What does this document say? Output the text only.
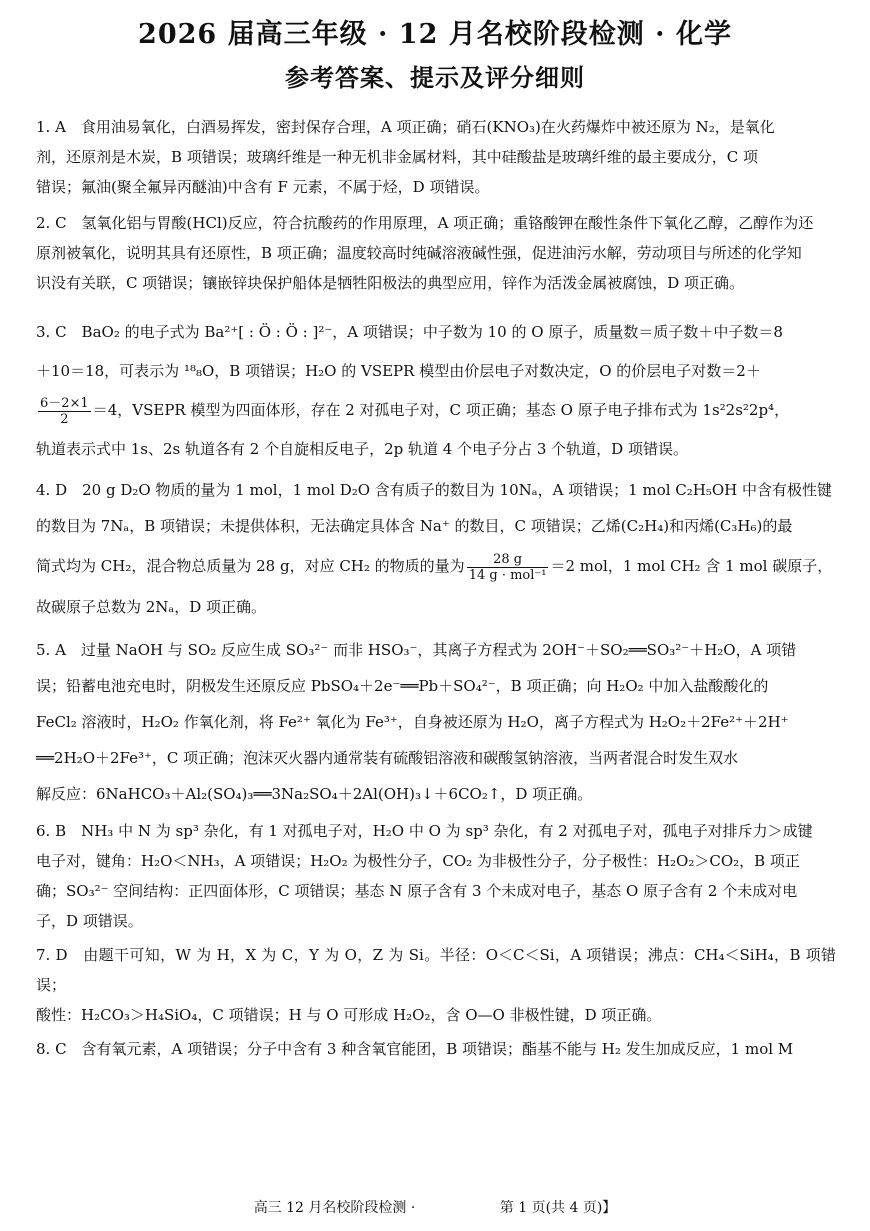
2026 届高三年级 · 12 月名校阶段检测 · 化学
参考答案、提示及评分细则

1. A　食用油易氧化，白酒易挥发，密封保存合理，A 项正确；硝石(KNO₃)在火药爆炸中被还原为 N₂，是氧化

剂，还原剂是木炭，B 项错误；玻璃纤维是一种无机非金属材料，其中硅酸盐是玻璃纤维的最主要成分，C 项

错误；氟油(聚全氟异丙醚油)中含有 F 元素，不属于烃，D 项错误。

2. C　氢氧化铝与胃酸(HCl)反应，符合抗酸药的作用原理，A 项正确；重铬酸钾在酸性条件下氧化乙醇，乙醇作为还

原剂被氧化，说明其具有还原性，B 项正确；温度较高时纯碱溶液碱性强，促进油污水解，劳动项目与所述的化学知

识没有关联，C 项错误；镶嵌锌块保护船体是牺牲阳极法的典型应用，锌作为活泼金属被腐蚀，D 项正确。

3. C　BaO₂ 的电子式为 Ba²⁺[ : Ö : Ö : ]²⁻，A 项错误；中子数为 10 的 O 原子，质量数＝质子数＋中子数＝8

＋10＝18，可表示为 ¹⁸₈O，B 项错误；H₂O 的 VSEPR 模型由价层电子对数决定，O 的价层电子对数＝2＋

$\frac{6-2\times 1}{2} =4$，VSEPR 模型为四面体形，存在 2 对孤电子对，C 项正确；基态 O 原子电子排布式为 1s²2s²2p⁴，

轨道表示式中 1s、2s 轨道各有 2 个自旋相反电子，2p 轨道 4 个电子分占 3 个轨道，D 项错误。

4. D　20 g D₂O 物质的量为 1 mol，1 mol D₂O 含有质子的数目为 10Nₐ，A 项错误；1 mol C₂H₅OH 中含有极性键

的数目为 7Nₐ，B 项错误；未提供体积，无法确定具体含 Na⁺ 的数目，C 项错误；乙烯(C₂H₄)和丙烯(C₃H₆)的最

简式均为 CH₂，混合物总质量为 28 g，对应 CH₂ 的物质的量为 $\frac{28 g}{\text{14 g · mol⁻¹}} =2$ mol，1 mol CH₂ 含 1 mol 碳原子，

故碳原子总数为 2Nₐ，D 项正确。

5. A　过量 NaOH 与 SO₂ 反应生成 SO₃²⁻ 而非 HSO₃⁻，其离子方程式为 2OH⁻＋SO₂══SO₃²⁻＋H₂O，A 项错

误；铅蓄电池充电时，阴极发生还原反应 PbSO₄＋2e⁻══Pb＋SO₄²⁻，B 项正确；向 H₂O₂ 中加入盐酸酸化的

FeCl₂ 溶液时，H₂O₂ 作氧化剂，将 Fe²⁺ 氧化为 Fe³⁺，自身被还原为 H₂O，离子方程式为 H₂O₂＋2Fe²⁺＋2H⁺

══2H₂O＋2Fe³⁺，C 项正确；泡沫灭火器内通常装有硫酸铝溶液和碳酸氢钠溶液，当两者混合时发生双水

解反应：6NaHCO₃＋Al₂(SO₄)₃══3Na₂SO₄＋2Al(OH)₃↓＋6CO₂↑，D 项正确。

6. B　NH₃ 中 N 为 sp³ 杂化，有 1 对孤电子对，H₂O 中 O 为 sp³ 杂化，有 2 对孤电子对，孤电子对排斥力＞成键

电子对，键角：H₂O＜NH₃，A 项错误；H₂O₂ 为极性分子，CO₂ 为非极性分子，分子极性：H₂O₂＞CO₂，B 项正

确；SO₃²⁻ 空间结构：正四面体形，C 项错误；基态 N 原子含有 3 个未成对电子，基态 O 原子含有 2 个未成对电

子，D 项错误。

7. D　由题干可知，W 为 H，X 为 C，Y 为 O，Z 为 Si。半径：O＜C＜Si，A 项错误；沸点：CH₄＜SiH₄，B 项错误；

酸性：H₂CO₃＞H₄SiO₄，C 项错误；H 与 O 可形成 H₂O₂，含 O—O 非极性键，D 项正确。

8. C　含有氧元素，A 项错误；分子中含有 3 种含氧官能团，B 项错误；酯基不能与 H₂ 发生加成反应，1 mol M

高三 12 月名校阶段检测 ·	第 1 页(共 4 页)】
